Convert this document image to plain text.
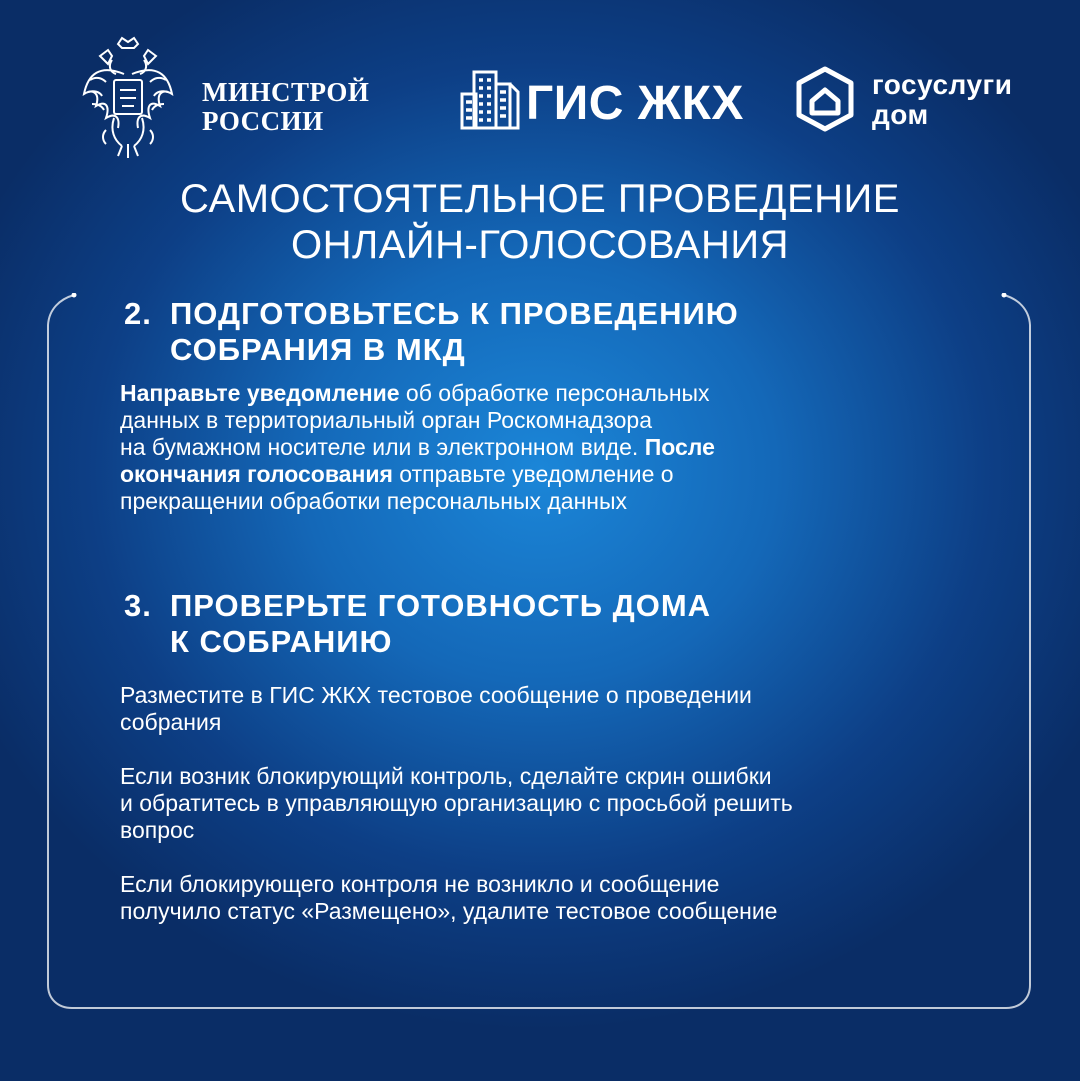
МИНСТРОЙ
РОССИИ	ГИС ЖКХ	госуслуги
дом
САМОСТОЯТЕЛЬНОЕ ПРОВЕДЕНИЕ
ОНЛАЙН-ГОЛОСОВАНИЯ
2. ПОДГОТОВЬТЕСЬ К ПРОВЕДЕНИЮ
СОБРАНИЯ В МКД
Направьте уведомление об обработке персональных
данных в территориальный орган Роскомнадзора
на бумажном носителе или в электронном виде. После
окончания голосования отправьте уведомление о
прекращении обработки персональных данных
3. ПРОВЕРЬТЕ ГОТОВНОСТЬ ДОМА
К СОБРАНИЮ
Разместите в ГИС ЖКХ тестовое сообщение о проведении
собрания
Если возник блокирующий контроль, сделайте скрин ошибки
и обратитесь в управляющую организацию с просьбой решить
вопрос
Если блокирующего контроля не возникло и сообщение
получило статус «Размещено», удалите тестовое сообщение
